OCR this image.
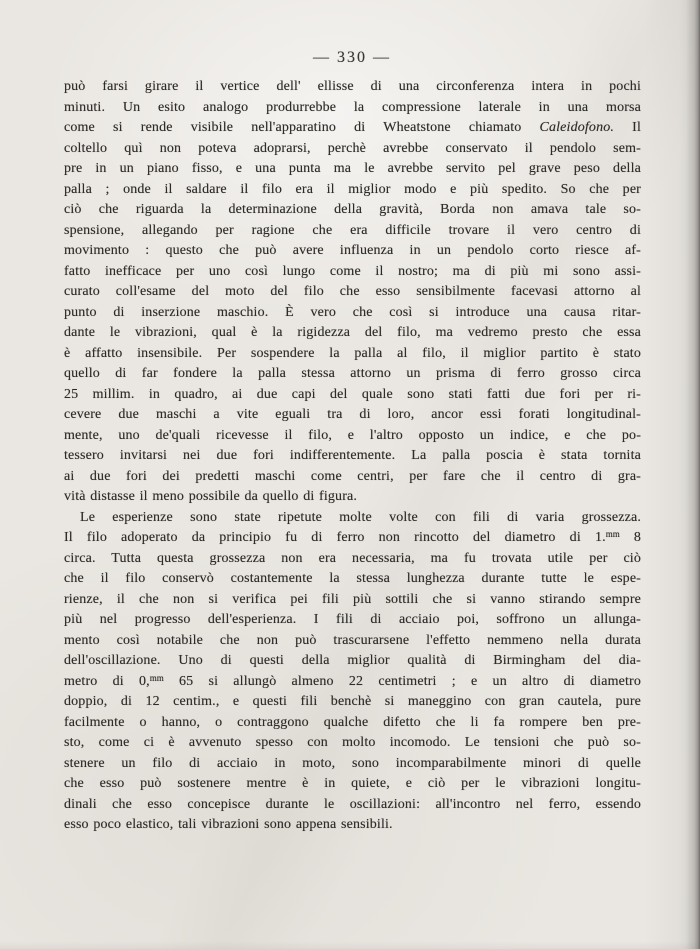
— 330 —
può farsi girare il vertice dell' ellisse di una circonferenza intera in pochi
minuti. Un esito analogo produrrebbe la compressione laterale in una morsa
come si rende visibile nell'apparatino di Wheatstone chiamato Caleidofono. Il
coltello quì non poteva adoprarsi, perchè avrebbe conservato il pendolo sem-
pre in un piano fisso, e una punta ma le avrebbe servito pel grave peso della
palla ; onde il saldare il filo era il miglior modo e più spedito. So che per
ciò che riguarda la determinazione della gravità, Borda non amava tale so-
spensione, allegando per ragione che era difficile trovare il vero centro di
movimento : questo che può avere influenza in un pendolo corto riesce af-
fatto inefficace per uno così lungo come il nostro; ma di più mi sono assi-
curato coll'esame del moto del filo che esso sensibilmente facevasi attorno al
punto di inserzione maschio. È vero che così si introduce una causa ritar-
dante le vibrazioni, qual è la rigidezza del filo, ma vedremo presto che essa
è affatto insensibile. Per sospendere la palla al filo, il miglior partito è stato
quello di far fondere la palla stessa attorno un prisma di ferro grosso circa
25 millim. in quadro, ai due capi del quale sono stati fatti due fori per ri-
cevere due maschi a vite eguali tra di loro, ancor essi forati longitudinal-
mente, uno de'quali ricevesse il filo, e l'altro opposto un indice, e che po-
tessero invitarsi nei due fori indifferentemente. La palla poscia è stata tornita
ai due fori dei predetti maschi come centri, per fare che il centro di gra-
vità distasse il meno possibile da quello di figura.
Le esperienze sono state ripetute molte volte con fili di varia grossezza.
Il filo adoperato da principio fu di ferro non rincotto del diametro di 1.$^{mm}$ 8
circa. Tutta questa grossezza non era necessaria, ma fu trovata utile per ciò
che il filo conservò costantemente la stessa lunghezza durante tutte le espe-
rienze, il che non si verifica pei fili più sottili che si vanno stirando sempre
più nel progresso dell'esperienza. I fili di acciaio poi, soffrono un allunga-
mento così notabile che non può trascurarsene l'effetto nemmeno nella durata
dell'oscillazione. Uno di questi della miglior qualità di Birmingham del dia-
metro di 0,$^{mm}$ 65 si allungò almeno 22 centimetri ; e un altro di diametro
doppio, di 12 centim., e questi fili benchè si maneggino con gran cautela, pure
facilmente o hanno, o contraggono qualche difetto che li fa rompere ben pre-
sto, come ci è avvenuto spesso con molto incomodo. Le tensioni che può so-
stenere un filo di acciaio in moto, sono incomparabilmente minori di quelle
che esso può sostenere mentre è in quiete, e ciò per le vibrazioni longitu-
dinali che esso concepisce durante le oscillazioni: all'incontro nel ferro, essendo
esso poco elastico, tali vibrazioni sono appena sensibili.
